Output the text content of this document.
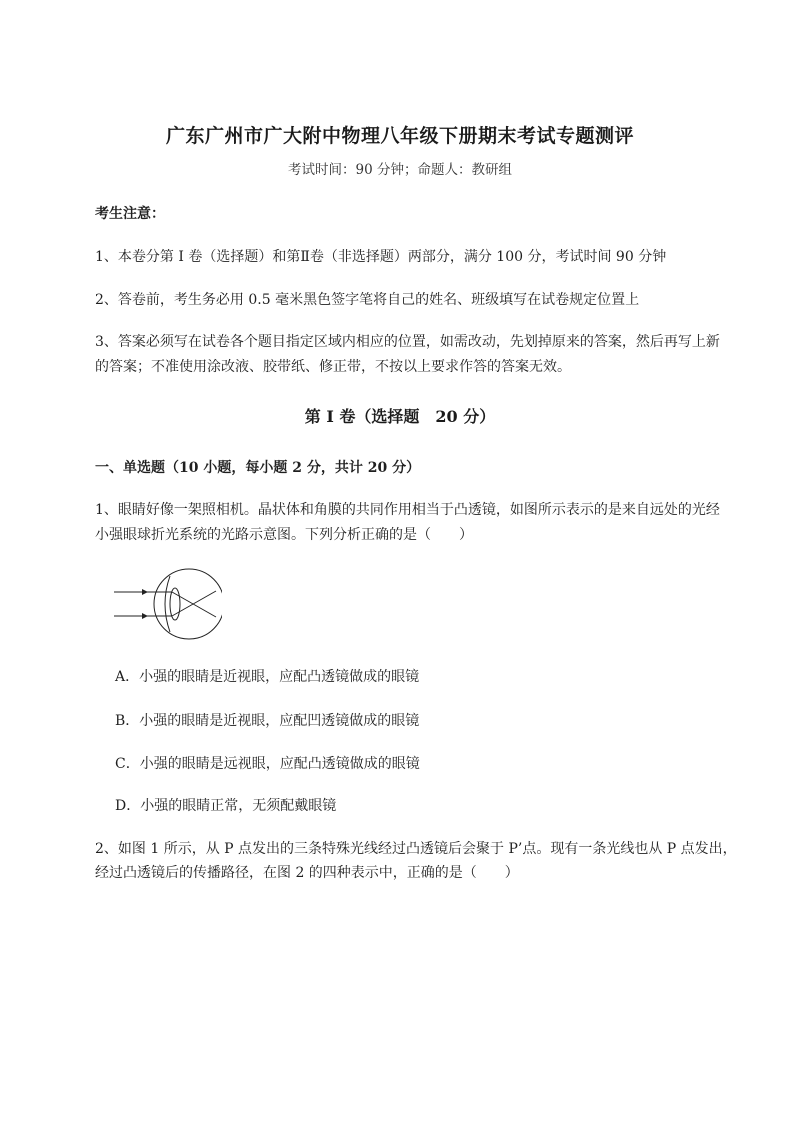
广东广州市广大附中物理八年级下册期末考试专题测评
考试时间：90 分钟；命题人：教研组
考生注意：
1、本卷分第 I 卷（选择题）和第Ⅱ卷（非选择题）两部分，满分 100 分，考试时间 90 分钟
2、答卷前，考生务必用 0.5 毫米黑色签字笔将自己的姓名、班级填写在试卷规定位置上
3、答案必须写在试卷各个题目指定区域内相应的位置，如需改动，先划掉原来的答案，然后再写上新
的答案；不准使用涂改液、胶带纸、修正带，不按以上要求作答的答案无效。
第 I 卷（选择题　20 分）
一、单选题（10 小题，每小题 2 分，共计 20 分）
1、眼睛好像一架照相机。晶状体和角膜的共同作用相当于凸透镜，如图所示表示的是来自远处的光经
小强眼球折光系统的光路示意图。下列分析正确的是（　　）
A．小强的眼睛是近视眼，应配凸透镜做成的眼镜
B．小强的眼睛是近视眼，应配凹透镜做成的眼镜
C．小强的眼睛是远视眼，应配凸透镜做成的眼镜
D．小强的眼睛正常，无须配戴眼镜
2、如图 1 所示，从 P 点发出的三条特殊光线经过凸透镜后会聚于 P’点。现有一条光线也从 P 点发出，
经过凸透镜后的传播路径，在图 2 的四种表示中，正确的是（　　）
